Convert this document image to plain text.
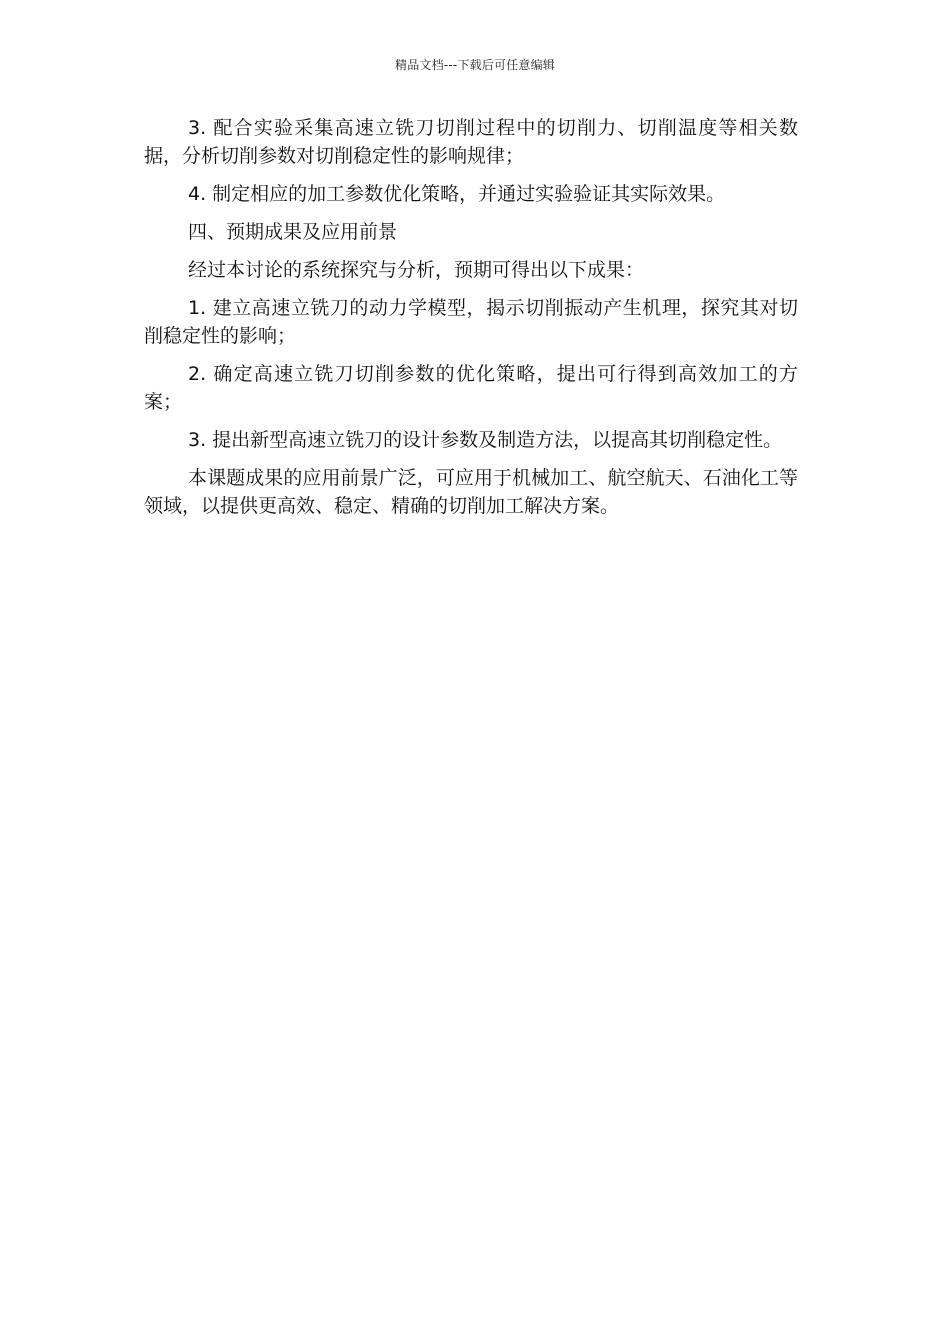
精品文档---下载后可任意编辑

3. 配合实验采集高速立铣刀切削过程中的切削力、切削温度等相关数据，分析切削参数对切削稳定性的影响规律；

4. 制定相应的加工参数优化策略，并通过实验验证其实际效果。

四、预期成果及应用前景

经过本讨论的系统探究与分析，预期可得出以下成果：

1. 建立高速立铣刀的动力学模型，揭示切削振动产生机理，探究其对切削稳定性的影响；

2. 确定高速立铣刀切削参数的优化策略，提出可行得到高效加工的方案；

3. 提出新型高速立铣刀的设计参数及制造方法，以提高其切削稳定性。

本课题成果的应用前景广泛，可应用于机械加工、航空航天、石油化工等领域，以提供更高效、稳定、精确的切削加工解决方案。
